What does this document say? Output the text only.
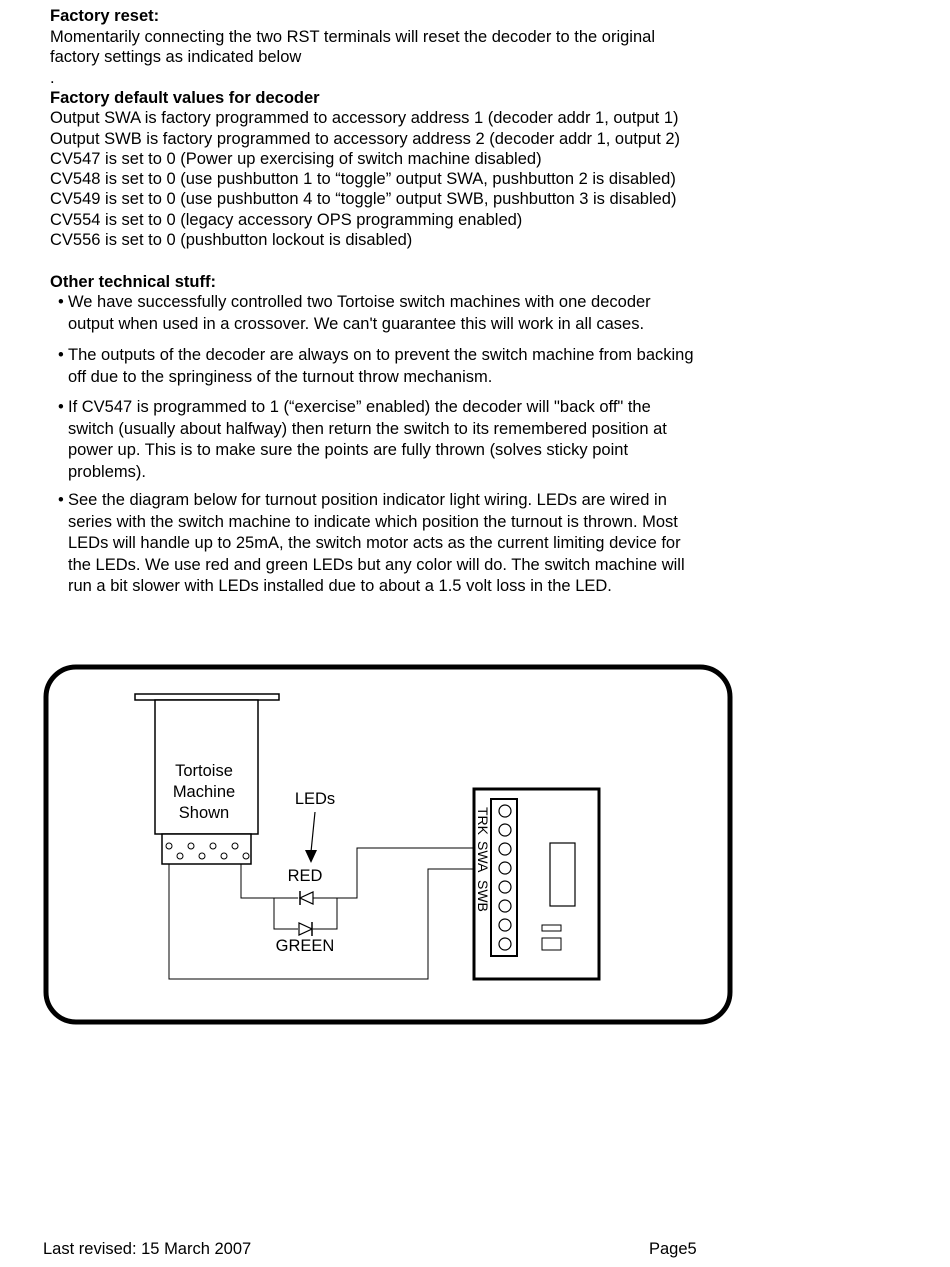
Factory reset:
Momentarily connecting the two RST terminals will reset the decoder to the original
factory settings as indicated below
.
Factory default values for decoder
Output SWA is factory programmed to accessory address 1 (decoder addr 1, output 1)
Output SWB is factory programmed to accessory address 2 (decoder addr 1, output 2)
CV547 is set to 0 (Power up exercising of switch machine disabled)
CV548 is set to 0 (use pushbutton 1 to “toggle” output SWA, pushbutton 2 is disabled)
CV549 is set to 0 (use pushbutton 4 to “toggle” output SWB, pushbutton 3 is disabled)
CV554 is set to 0 (legacy accessory OPS programming enabled)
CV556 is set to 0 (pushbutton lockout is disabled)
Other technical stuff:
• We have successfully controlled two Tortoise switch machines with one decoder
output when used in a crossover. We can't guarantee this will work in all cases.
• The outputs of the decoder are always on to prevent the switch machine from backing
off due to the springiness of the turnout throw mechanism.
• If CV547 is programmed to 1 (“exercise” enabled) the decoder will "back off" the
switch (usually about halfway) then return the switch to its remembered position at
power up. This is to make sure the points are fully thrown (solves sticky point
problems).
• See the diagram below for turnout position indicator light wiring. LEDs are wired in
series with the switch machine to indicate which position the turnout is thrown. Most
LEDs will handle up to 25mA, the switch motor acts as the current limiting device for
the LEDs. We use red and green LEDs but any color will do. The switch machine will
run a bit slower with LEDs installed due to about a 1.5 volt loss in the LED.
Tortoise
Machine
Shown
LEDs
RED
GREEN
TRK
SWA
SWB
Last revised: 15 March 2007	Page5
